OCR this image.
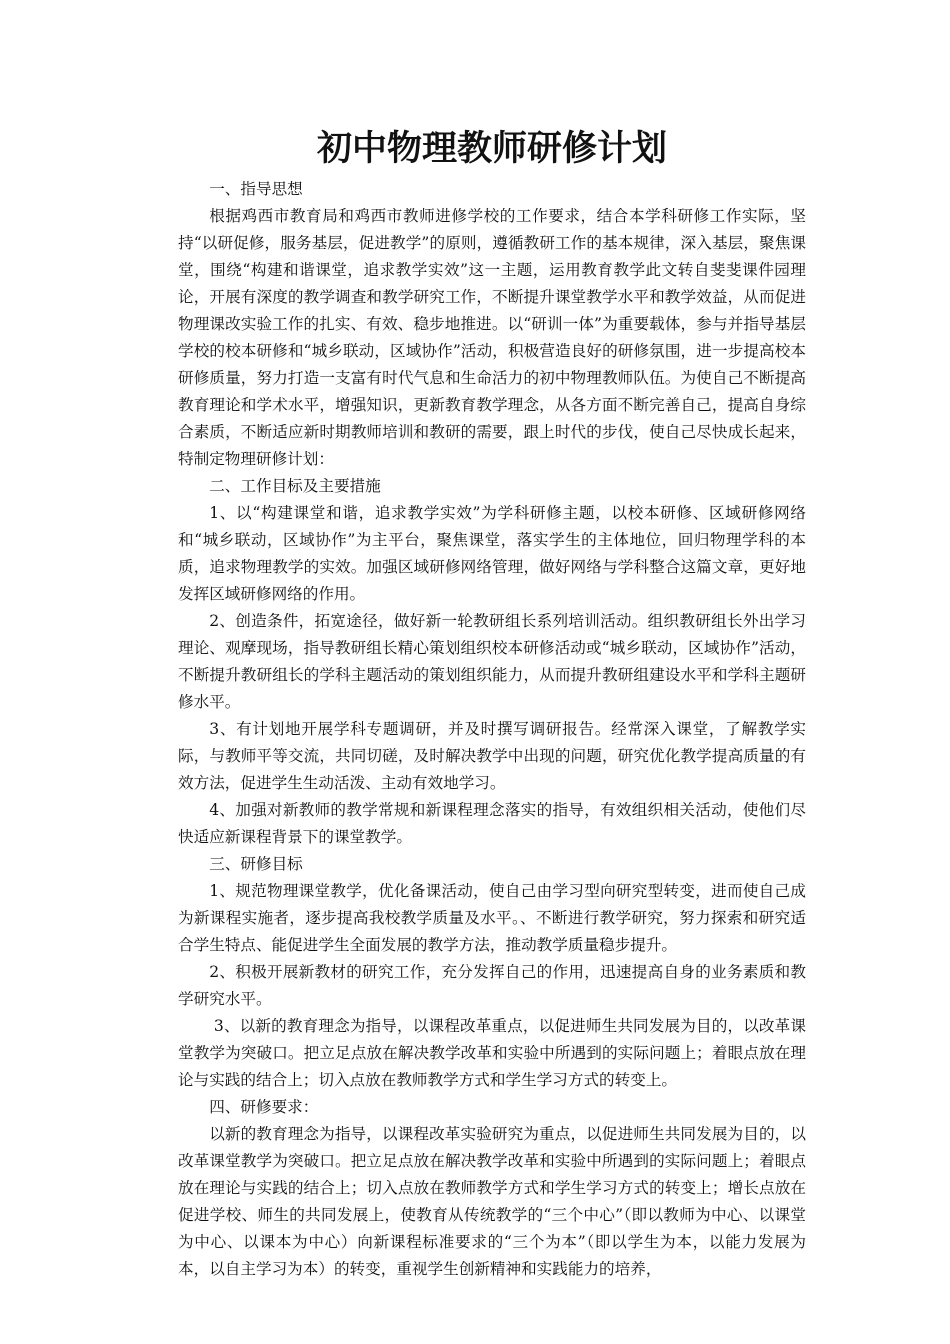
初中物理教师研修计划

一、指导思想

根据鸡西市教育局和鸡西市教师进修学校的工作要求，结合本学科研修工作实际，坚持“以研促修，服务基层，促进教学”的原则，遵循教研工作的基本规律，深入基层，聚焦课堂，围绕“构建和谐课堂，追求教学实效”这一主题，运用教育教学此文转自斐斐课件园理论，开展有深度的教学调查和教学研究工作，不断提升课堂教学水平和教学效益，从而促进物理课改实验工作的扎实、有效、稳步地推进。以“研训一体”为重要载体，参与并指导基层学校的校本研修和“城乡联动，区域协作”活动，积极营造良好的研修氛围，进一步提高校本研修质量，努力打造一支富有时代气息和生命活力的初中物理教师队伍。为使自己不断提高教育理论和学术水平，增强知识，更新教育教学理念，从各方面不断完善自己，提高自身综合素质，不断适应新时期教师培训和教研的需要，跟上时代的步伐，使自己尽快成长起来，特制定物理研修计划：

二、工作目标及主要措施

1、以“构建课堂和谐，追求教学实效”为学科研修主题，以校本研修、区域研修网络和“城乡联动，区域协作”为主平台，聚焦课堂，落实学生的主体地位，回归物理学科的本质，追求物理教学的实效。加强区域研修网络管理，做好网络与学科整合这篇文章，更好地发挥区域研修网络的作用。

2、创造条件，拓宽途径，做好新一轮教研组长系列培训活动。组织教研组长外出学习理论、观摩现场，指导教研组长精心策划组织校本研修活动或“城乡联动，区域协作”活动，不断提升教研组长的学科主题活动的策划组织能力，从而提升教研组建设水平和学科主题研修水平。

3、有计划地开展学科专题调研，并及时撰写调研报告。经常深入课堂，了解教学实际，与教师平等交流，共同切磋，及时解决教学中出现的问题，研究优化教学提高质量的有效方法，促进学生生动活泼、主动有效地学习。

4、加强对新教师的教学常规和新课程理念落实的指导，有效组织相关活动，使他们尽快适应新课程背景下的课堂教学。

三、研修目标

1、规范物理课堂教学，优化备课活动，使自己由学习型向研究型转变，进而使自己成为新课程实施者，逐步提高我校教学质量及水平。、不断进行教学研究，努力探索和研究适合学生特点、能促进学生全面发展的教学方法，推动教学质量稳步提升。

2、积极开展新教材的研究工作，充分发挥自己的作用，迅速提高自身的业务素质和教学研究水平。

3、以新的教育理念为指导，以课程改革重点，以促进师生共同发展为目的，以改革课堂教学为突破口。把立足点放在解决教学改革和实验中所遇到的实际问题上；着眼点放在理论与实践的结合上；切入点放在教师教学方式和学生学习方式的转变上。

四、研修要求：

以新的教育理念为指导，以课程改革实验研究为重点，以促进师生共同发展为目的，以改革课堂教学为突破口。把立足点放在解决教学改革和实验中所遇到的实际问题上；着眼点放在理论与实践的结合上；切入点放在教师教学方式和学生学习方式的转变上；增长点放在促进学校、师生的共同发展上，使教育从传统教学的“三个中心”（即以教师为中心、以课堂为中心、以课本为中心）向新课程标准要求的“三个为本”（即以学生为本，以能力发展为本，以自主学习为本）的转变，重视学生创新精神和实践能力的培养，
